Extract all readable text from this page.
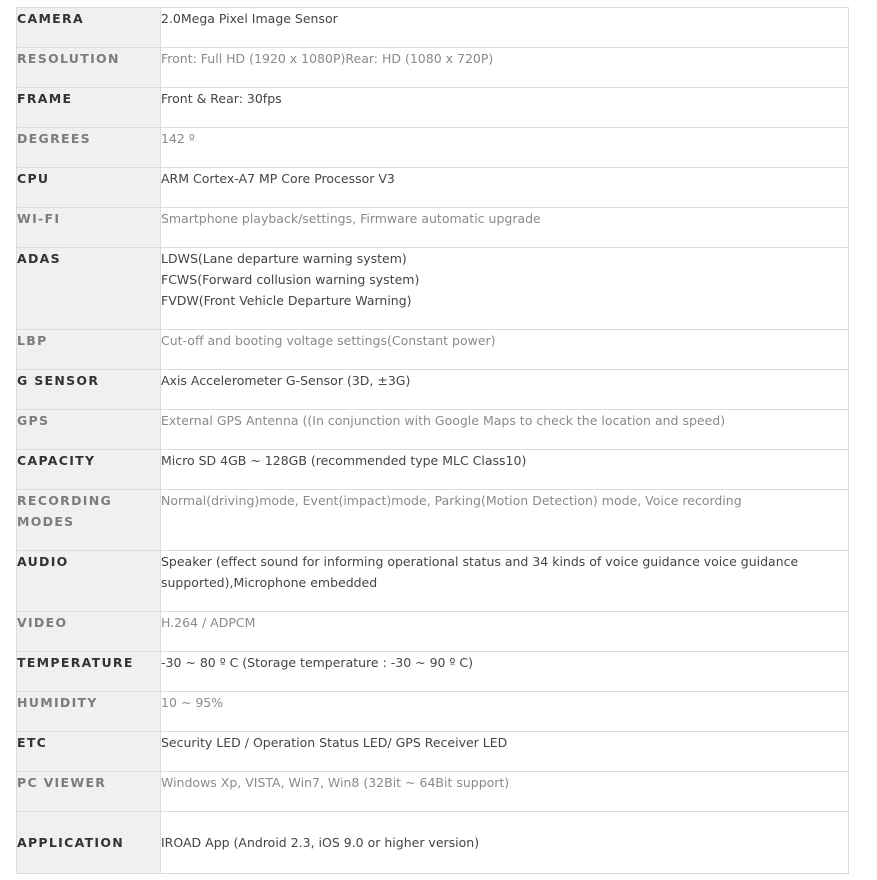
CAMERA	2.0Mega Pixel Image Sensor

RESOLUTION	Front: Full HD (1920 x 1080P)Rear: HD (1080 x 720P)

FRAME	Front & Rear: 30fps

DEGREES	142 º

CPU	ARM Cortex-A7 MP Core Processor V3

WI-FI	Smartphone playback/settings, Firmware automatic upgrade

ADAS	LDWS(Lane departure warning system)
FCWS(Forward collusion warning system)
FVDW(Front Vehicle Departure Warning)

LBP	Cut-off and booting voltage settings(Constant power)

G SENSOR	Axis Accelerometer G-Sensor (3D, ±3G)

GPS	External GPS Antenna ((In conjunction with Google Maps to check the location and speed)

CAPACITY	Micro SD 4GB ~ 128GB (recommended type MLC Class10)

RECORDING MODES	Normal(driving)mode, Event(impact)mode, Parking(Motion Detection) mode, Voice recording

AUDIO	Speaker (effect sound for informing operational status and 34 kinds of voice guidance voice guidance supported),Microphone embedded

VIDEO	H.264 / ADPCM

TEMPERATURE	-30 ~ 80 º C (Storage temperature : -30 ~ 90 º C)

HUMIDITY	10 ~ 95%

ETC	Security LED / Operation Status LED/ GPS Receiver LED

PC VIEWER	Windows Xp, VISTA, Win7, Win8 (32Bit ~ 64Bit support)

APPLICATION	IROAD App (Android 2.3, iOS 9.0 or higher version)
